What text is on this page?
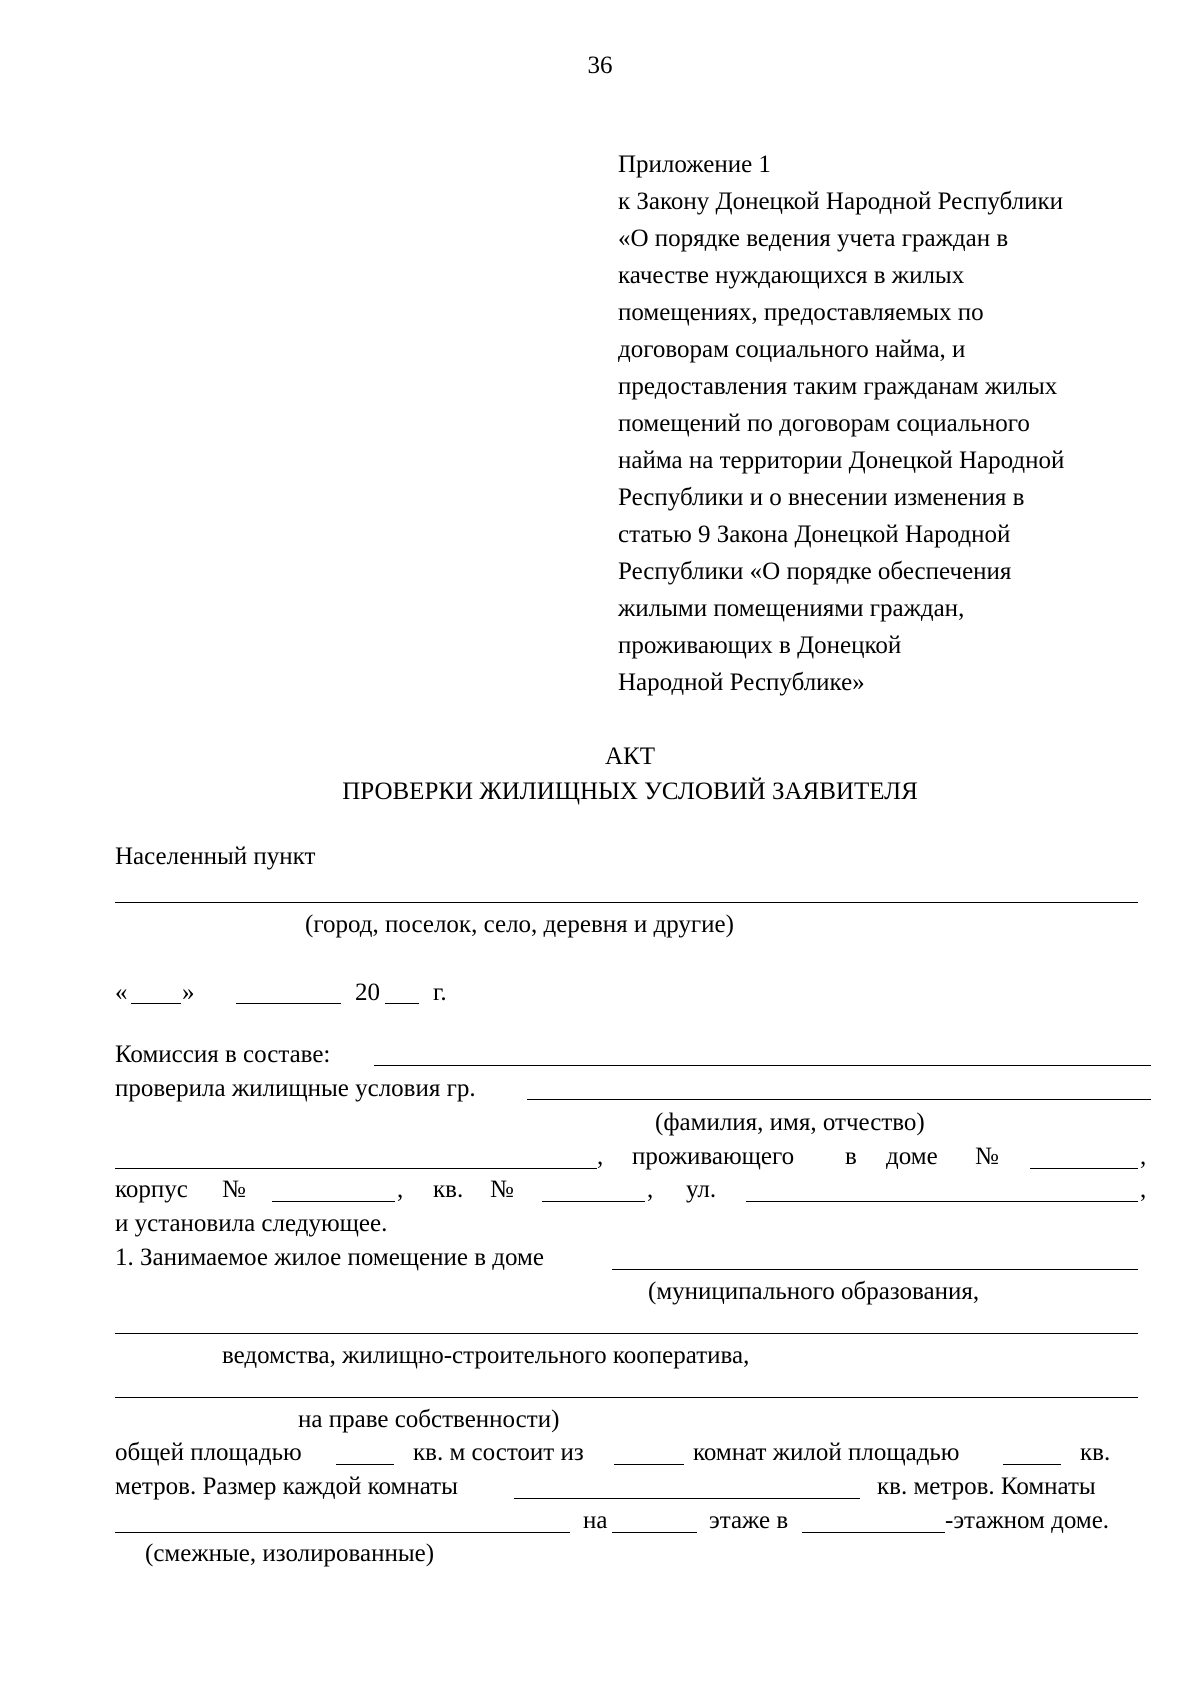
36
Приложение 1
к Закону Донецкой Народной Республики
«О порядке ведения учета граждан в
качестве нуждающихся в жилых
помещениях, предоставляемых по
договорам социального найма, и
предоставления таким гражданам жилых
помещений по договорам социального
найма на территории Донецкой Народной
Республики и о внесении изменения в
статью 9 Закона Донецкой Народной
Республики «О порядке обеспечения
жилыми помещениями граждан,
проживающих в Донецкой
Народной Республике»
АКТ
ПРОВЕРКИ ЖИЛИЩНЫХ УСЛОВИЙ ЗАЯВИТЕЛЯ
Населенный пункт
(город, поселок, село, деревня и другие)
« »	20 г.
Комиссия в составе:
проверила жилищные условия гр.
(фамилия, имя, отчество)
, проживающего в доме №	,
корпус №	, кв. №	, ул.	,
и установила следующее.
1. Занимаемое жилое помещение в доме
(муниципального образования,
ведомства, жилищно-строительного кооператива,
на праве собственности)
общей площадью	кв. м состоит из	комнат жилой площадью	кв.
метров. Размер каждой комнаты	кв. метров. Комнаты
на	этаже в	-этажном доме.
(смежные, изолированные)
